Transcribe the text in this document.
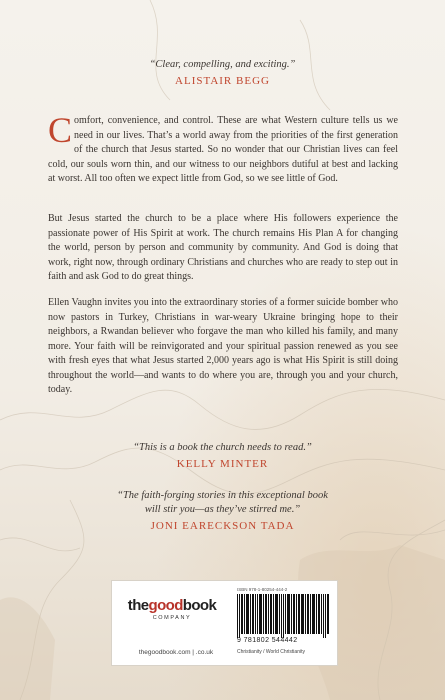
“Clear, compelling, and exciting.”
ALISTAIR BEGG

Comfort, convenience, and control. These are what Western culture tells us we need in our lives. That’s a world away from the priorities of the first generation of the church that Jesus started. So no wonder that our Christian lives can feel cold, our souls worn thin, and our witness to our neighbors dutiful at best and lacking at worst. All too often we expect little from God, so we see little of God.

But Jesus started the church to be a place where His followers experience the passionate power of His Spirit at work. The church remains His Plan A for changing the world, person by person and community by community. And God is doing that work, right now, through ordinary Christians and churches who are ready to step out in faith and ask God to do great things.

Ellen Vaughn invites you into the extraordinary stories of a former suicide bomber who now pastors in Turkey, Christians in war-weary Ukraine bringing hope to their neighbors, a Rwandan believer who forgave the man who killed his family, and many more. Your faith will be reinvigorated and your spiritual passion renewed as you see with fresh eyes that what Jesus started 2,000 years ago is what His Spirit is still doing throughout the world—and wants to do where you are, through you and your church, today.

“This is a book the church needs to read.”
KELLY MINTER
“The faith-forging stories in this exceptional book
will stir you—as they’ve stirred me.”
JONI EARECKSON TADA
thegoodbook
COMPANY
thegoodbook.com | .co.uk
ISBN 978-1-80254-444-2
9 781802 544442
Christianity / World Christianity
